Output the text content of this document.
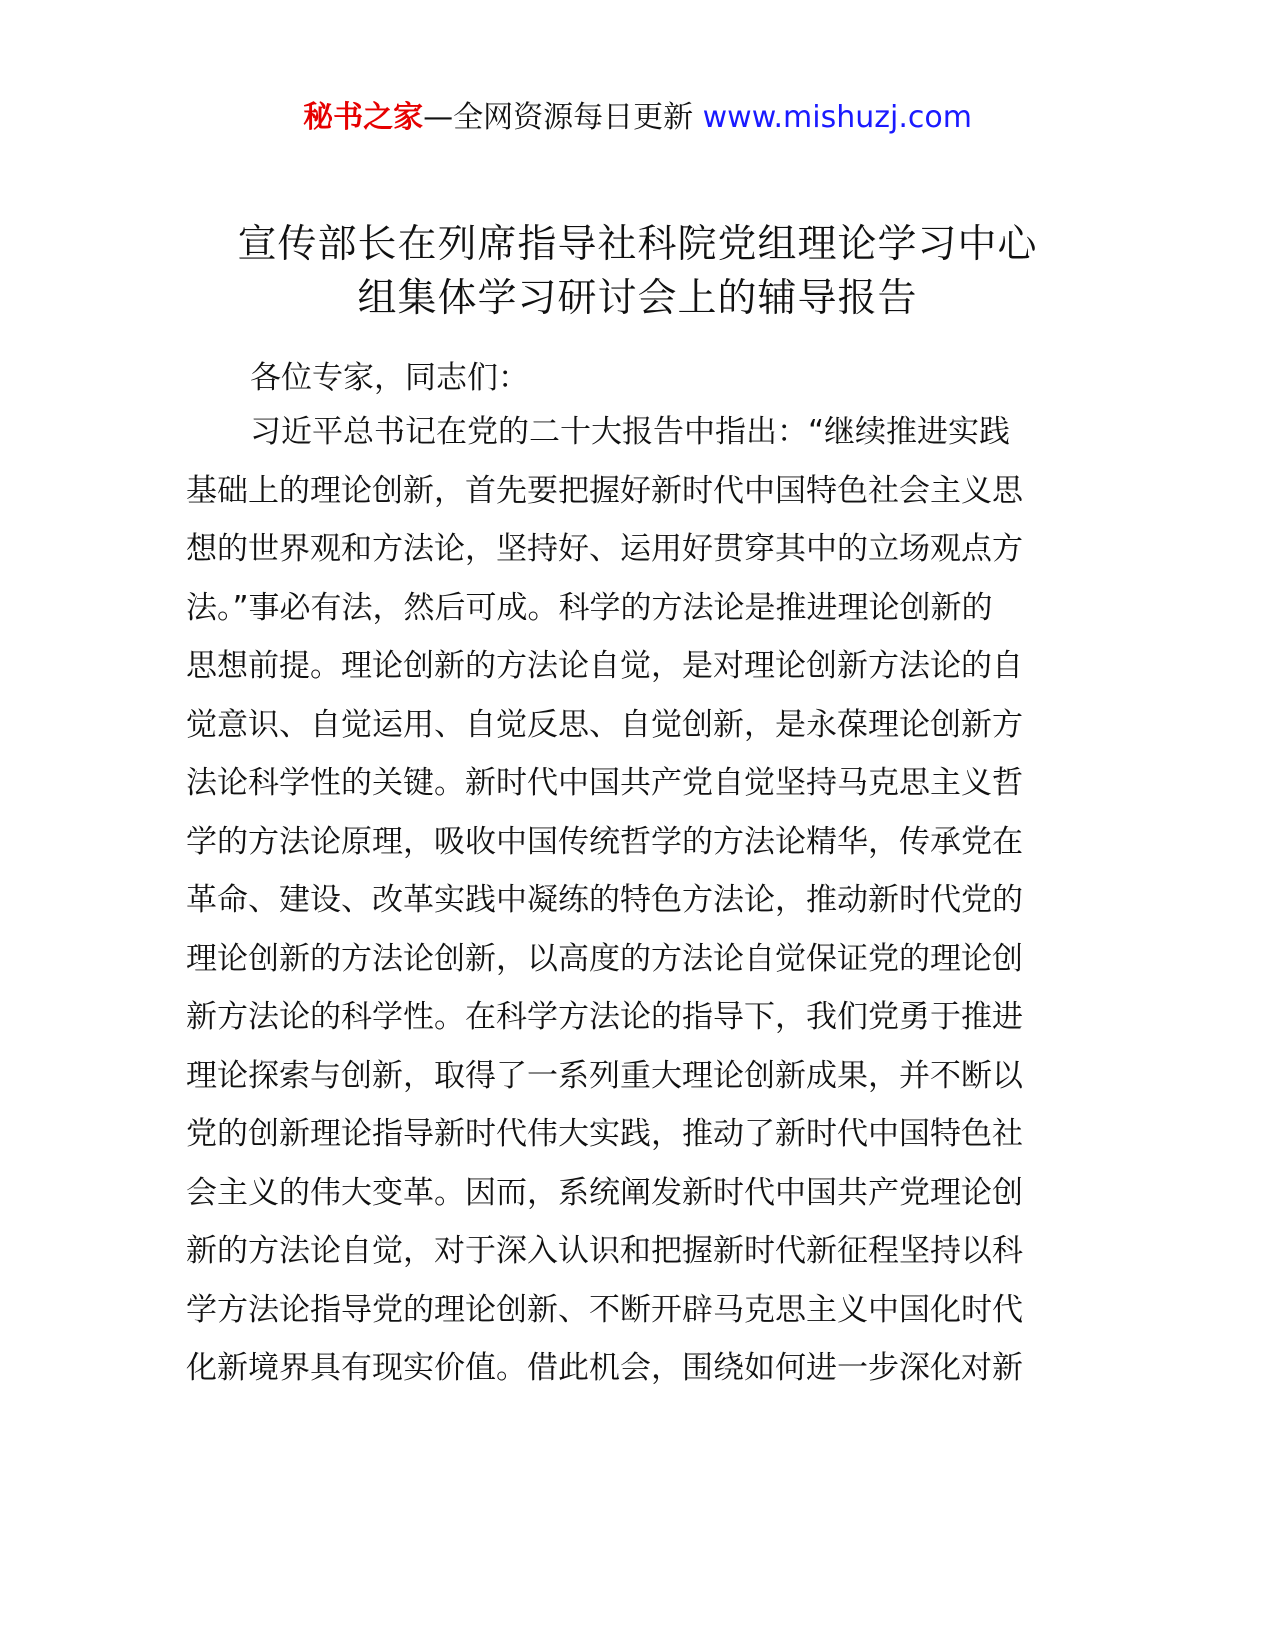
秘书之家—全网资源每日更新 www.mishuzj.com
宣传部长在列席指导社科院党组理论学习中心
组集体学习研讨会上的辅导报告
各位专家，同志们：
习近平总书记在党的二十大报告中指出：“继续推进实践
基础上的理论创新，首先要把握好新时代中国特色社会主义思
想的世界观和方法论，坚持好、运用好贯穿其中的立场观点方
法。”事必有法，然后可成。科学的方法论是推进理论创新的
思想前提。理论创新的方法论自觉，是对理论创新方法论的自
觉意识、自觉运用、自觉反思、自觉创新，是永葆理论创新方
法论科学性的关键。新时代中国共产党自觉坚持马克思主义哲
学的方法论原理，吸收中国传统哲学的方法论精华，传承党在
革命、建设、改革实践中凝练的特色方法论，推动新时代党的
理论创新的方法论创新，以高度的方法论自觉保证党的理论创
新方法论的科学性。在科学方法论的指导下，我们党勇于推进
理论探索与创新，取得了一系列重大理论创新成果，并不断以
党的创新理论指导新时代伟大实践，推动了新时代中国特色社
会主义的伟大变革。因而，系统阐发新时代中国共产党理论创
新的方法论自觉，对于深入认识和把握新时代新征程坚持以科
学方法论指导党的理论创新、不断开辟马克思主义中国化时代
化新境界具有现实价值。借此机会，围绕如何进一步深化对新
